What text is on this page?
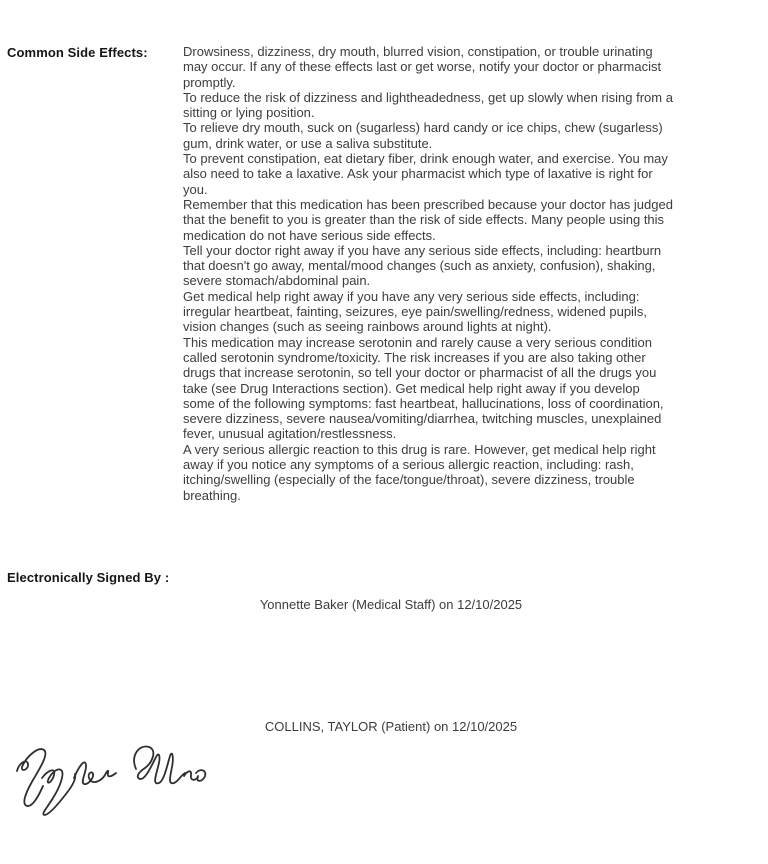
Common Side Effects:	Drowsiness, dizziness, dry mouth, blurred vision, constipation, or trouble urinating may occur. If any of these effects last or get worse, notify your doctor or pharmacist promptly.

To reduce the risk of dizziness and lightheadedness, get up slowly when rising from a sitting or lying position.

To relieve dry mouth, suck on (sugarless) hard candy or ice chips, chew (sugarless) gum, drink water, or use a saliva substitute.

To prevent constipation, eat dietary fiber, drink enough water, and exercise. You may also need to take a laxative. Ask your pharmacist which type of laxative is right for you.

Remember that this medication has been prescribed because your doctor has judged that the benefit to you is greater than the risk of side effects. Many people using this medication do not have serious side effects.

Tell your doctor right away if you have any serious side effects, including: heartburn that doesn't go away, mental/mood changes (such as anxiety, confusion), shaking, severe stomach/abdominal pain.

Get medical help right away if you have any very serious side effects, including: irregular heartbeat, fainting, seizures, eye pain/swelling/redness, widened pupils, vision changes (such as seeing rainbows around lights at night).

This medication may increase serotonin and rarely cause a very serious condition called serotonin syndrome/toxicity. The risk increases if you are also taking other drugs that increase serotonin, so tell your doctor or pharmacist of all the drugs you take (see Drug Interactions section). Get medical help right away if you develop some of the following symptoms: fast heartbeat, hallucinations, loss of coordination, severe dizziness, severe nausea/vomiting/diarrhea, twitching muscles, unexplained fever, unusual agitation/restlessness.

A very serious allergic reaction to this drug is rare. However, get medical help right away if you notice any symptoms of a serious allergic reaction, including: rash, itching/swelling (especially of the face/tongue/throat), severe dizziness, trouble breathing.

Electronically Signed By :
Yonnette Baker (Medical Staff) on 12/10/2025
COLLINS, TAYLOR (Patient) on 12/10/2025
